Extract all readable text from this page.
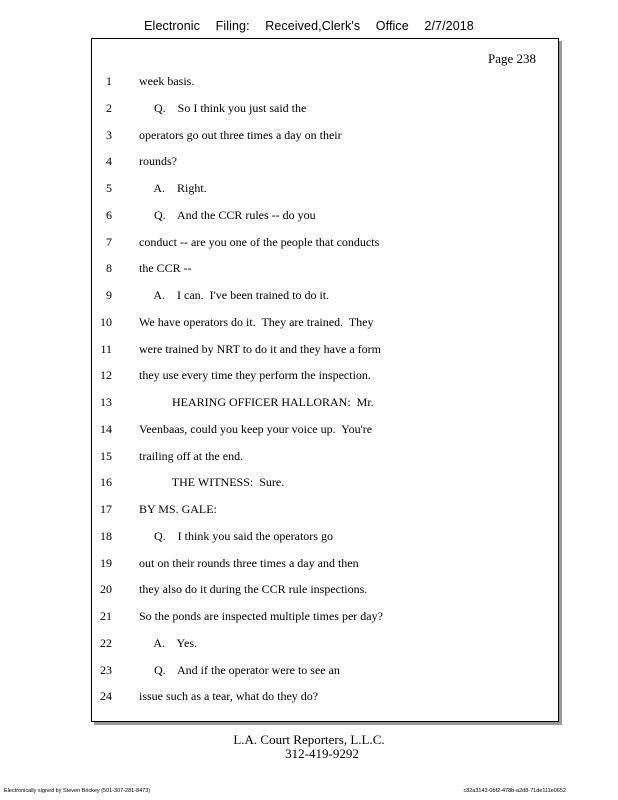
Electronic Filing: Received,Clerk's Office 2/7/2018
Page 238
1 week basis.
2 Q.    So I think you just said the
3 operators go out three times a day on their
4 rounds?
5 A.    Right.
6 Q.    And the CCR rules -- do you
7 conduct -- are you one of the people that conducts
8 the CCR --
9 A.    I can.  I've been trained to do it.
10 We have operators do it.  They are trained.  They
11 were trained by NRT to do it and they have a form
12 they use every time they perform the inspection.
13 HEARING OFFICER HALLORAN:  Mr.
14 Veenbaas, could you keep your voice up.  You're
15 trailing off at the end.
16 THE WITNESS:  Sure.
17 BY MS. GALE:
18 Q.    I think you said the operators go
19 out on their rounds three times a day and then
20 they also do it during the CCR rule inspections.
21 So the ponds are inspected multiple times per day?
22 A.    Yes.
23 Q.    And if the operator were to see an
24 issue such as a tear, what do they do?
L.A. Court Reporters, L.L.C.
312-419-9292
Electronically signed by Steven Brickey (501-307-281-8473)	c82a3143-0bf2-478b-a2d8-71de111e0652
